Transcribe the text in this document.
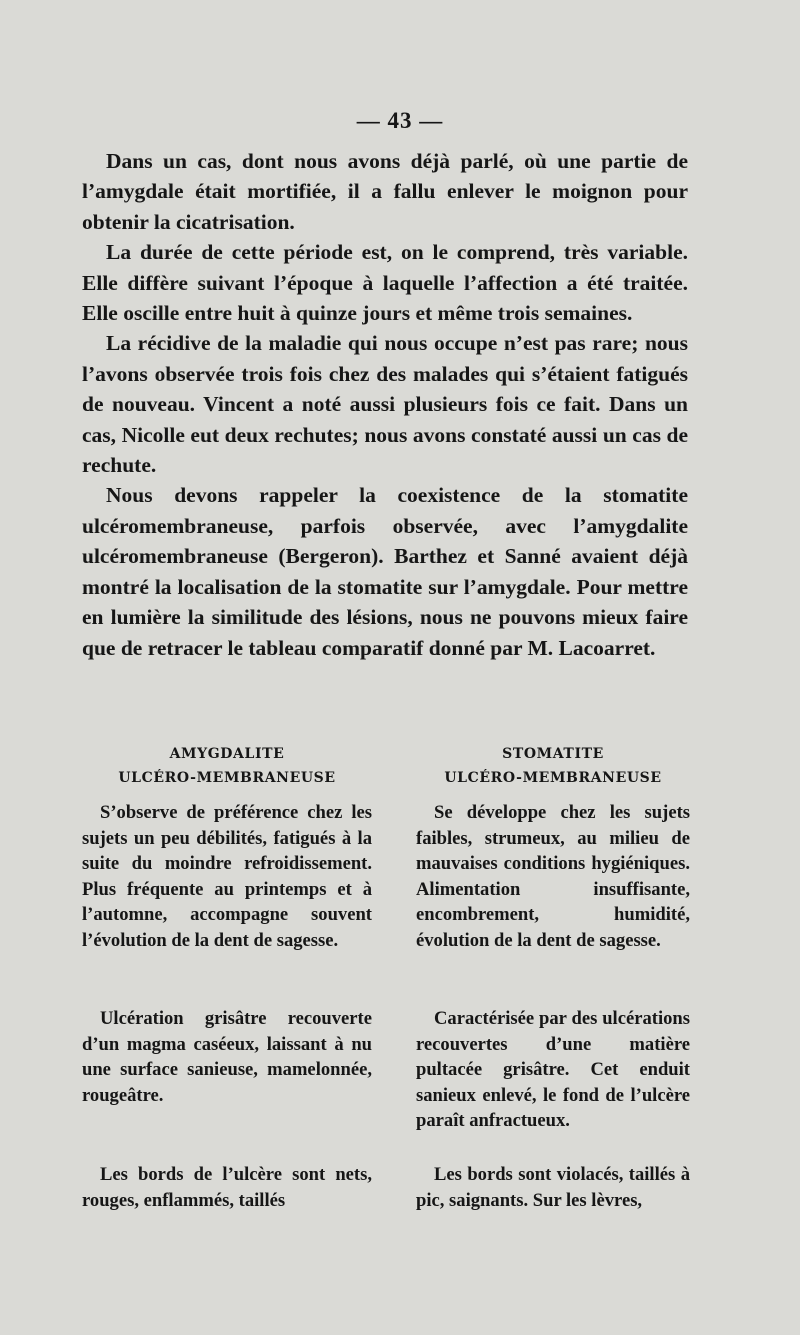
— 43 —

Dans un cas, dont nous avons déjà parlé, où une partie de l’amygdale était mortifiée, il a fallu enlever le moignon pour obtenir la cicatrisation.

La durée de cette période est, on le comprend, très variable. Elle diffère suivant l’époque à laquelle l’affection a été traitée. Elle oscille entre huit à quinze jours et même trois semaines.

La récidive de la maladie qui nous occupe n’est pas rare; nous l’avons observée trois fois chez des malades qui s’étaient fatigués de nouveau. Vincent a noté aussi plusieurs fois ce fait. Dans un cas, Nicolle eut deux rechutes; nous avons constaté aussi un cas de rechute.

Nous devons rappeler la coexistence de la stomatite ulcéromembraneuse, parfois observée, avec l’amygdalite ulcéromembraneuse (Bergeron). Barthez et Sanné avaient déjà montré la localisation de la stomatite sur l’amygdale. Pour mettre en lumière la similitude des lésions, nous ne pouvons mieux faire que de retracer le tableau comparatif donné par M. Lacoarret.

AMYGDALITE
ULCÉRO-MEMBRANEUSE

S’observe de préférence chez les sujets un peu débilités, fatigués à la suite du moindre refroidissement. Plus fréquente au printemps et à l’automne, accompagne souvent l’évolution de la dent de sagesse.

Ulcération grisâtre recouverte d’un magma caséeux, laissant à nu une surface sanieuse, mamelonnée, rougeâtre.

Les bords de l’ulcère sont nets, rouges, enflammés, taillés

STOMATITE
ULCÉRO-MEMBRANEUSE

Se développe chez les sujets faibles, strumeux, au milieu de mauvaises conditions hygiéniques. Alimentation insuffisante, encombrement, humidité, évolution de la dent de sagesse.

Caractérisée par des ulcérations recouvertes d’une matière pultacée grisâtre. Cet enduit sanieux enlevé, le fond de l’ulcère paraît anfractueux.

Les bords sont violacés, taillés à pic, saignants. Sur les lèvres,
